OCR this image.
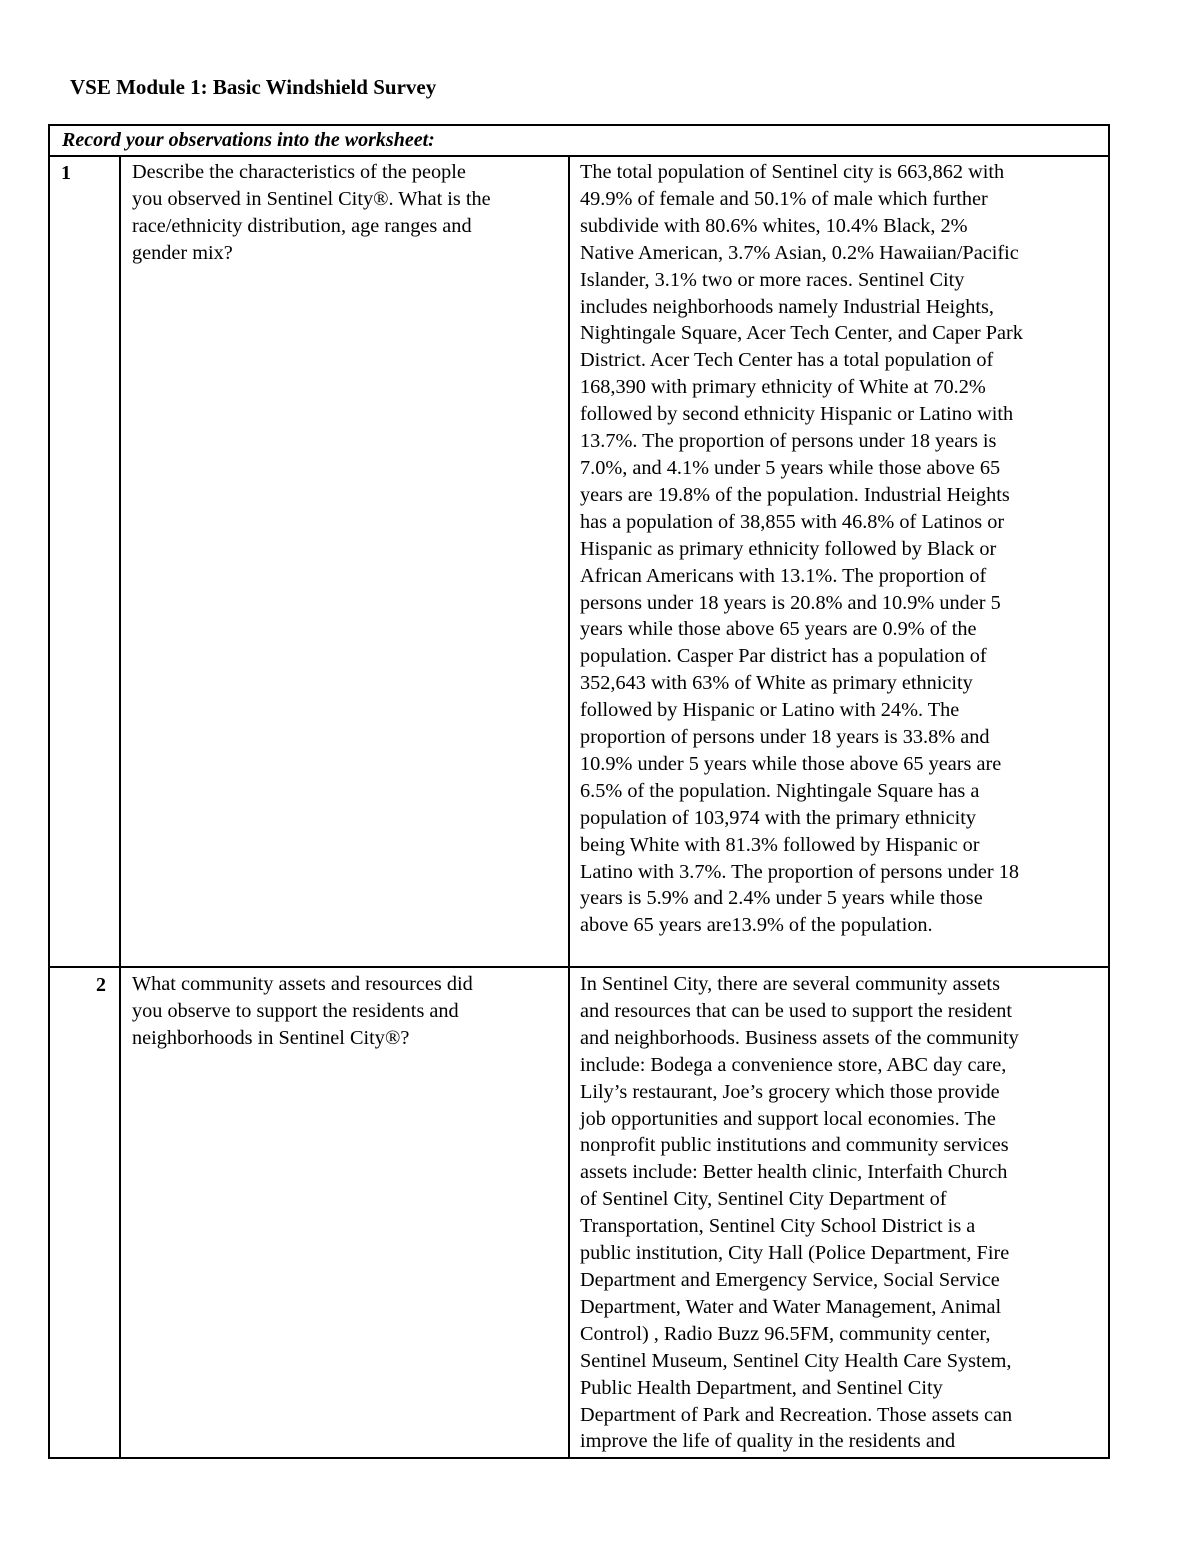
VSE Module 1: Basic Windshield Survey
Record your observations into the worksheet:
1	Describe the characteristics of the people
you observed in Sentinel City®. What is the
race/ethnicity distribution, age ranges and
gender mix?
The total population of Sentinel city is 663,862 with
49.9% of female and 50.1% of male which further
subdivide with 80.6% whites, 10.4% Black, 2%
Native American, 3.7% Asian, 0.2% Hawaiian/Pacific
Islander, 3.1% two or more races. Sentinel City
includes neighborhoods namely Industrial Heights,
Nightingale Square, Acer Tech Center, and Caper Park
District. Acer Tech Center has a total population of
168,390 with primary ethnicity of White at 70.2%
followed by second ethnicity Hispanic or Latino with
13.7%. The proportion of persons under 18 years is
7.0%, and 4.1% under 5 years while those above 65
years are 19.8% of the population. Industrial Heights
has a population of 38,855 with 46.8% of Latinos or
Hispanic as primary ethnicity followed by Black or
African Americans with 13.1%. The proportion of
persons under 18 years is 20.8% and 10.9% under 5
years while those above 65 years are 0.9% of the
population. Casper Par district has a population of
352,643 with 63% of White as primary ethnicity
followed by Hispanic or Latino with 24%. The
proportion of persons under 18 years is 33.8% and
10.9% under 5 years while those above 65 years are
6.5% of the population. Nightingale Square has a
population of 103,974 with the primary ethnicity
being White with 81.3% followed by Hispanic or
Latino with 3.7%. The proportion of persons under 18
years is 5.9% and 2.4% under 5 years while those
above 65 years are13.9% of the population.
2 What community assets and resources did
you observe to support the residents and
neighborhoods in Sentinel City®?
In Sentinel City, there are several community assets
and resources that can be used to support the resident
and neighborhoods. Business assets of the community
include: Bodega a convenience store, ABC day care,
Lily’s restaurant, Joe’s grocery which those provide
job opportunities and support local economies. The
nonprofit public institutions and community services
assets include: Better health clinic, Interfaith Church
of Sentinel City, Sentinel City Department of
Transportation, Sentinel City School District is a
public institution, City Hall (Police Department, Fire
Department and Emergency Service, Social Service
Department, Water and Water Management, Animal
Control) , Radio Buzz 96.5FM, community center,
Sentinel Museum, Sentinel City Health Care System,
Public Health Department, and Sentinel City
Department of Park and Recreation. Those assets can
improve the life of quality in the residents and
